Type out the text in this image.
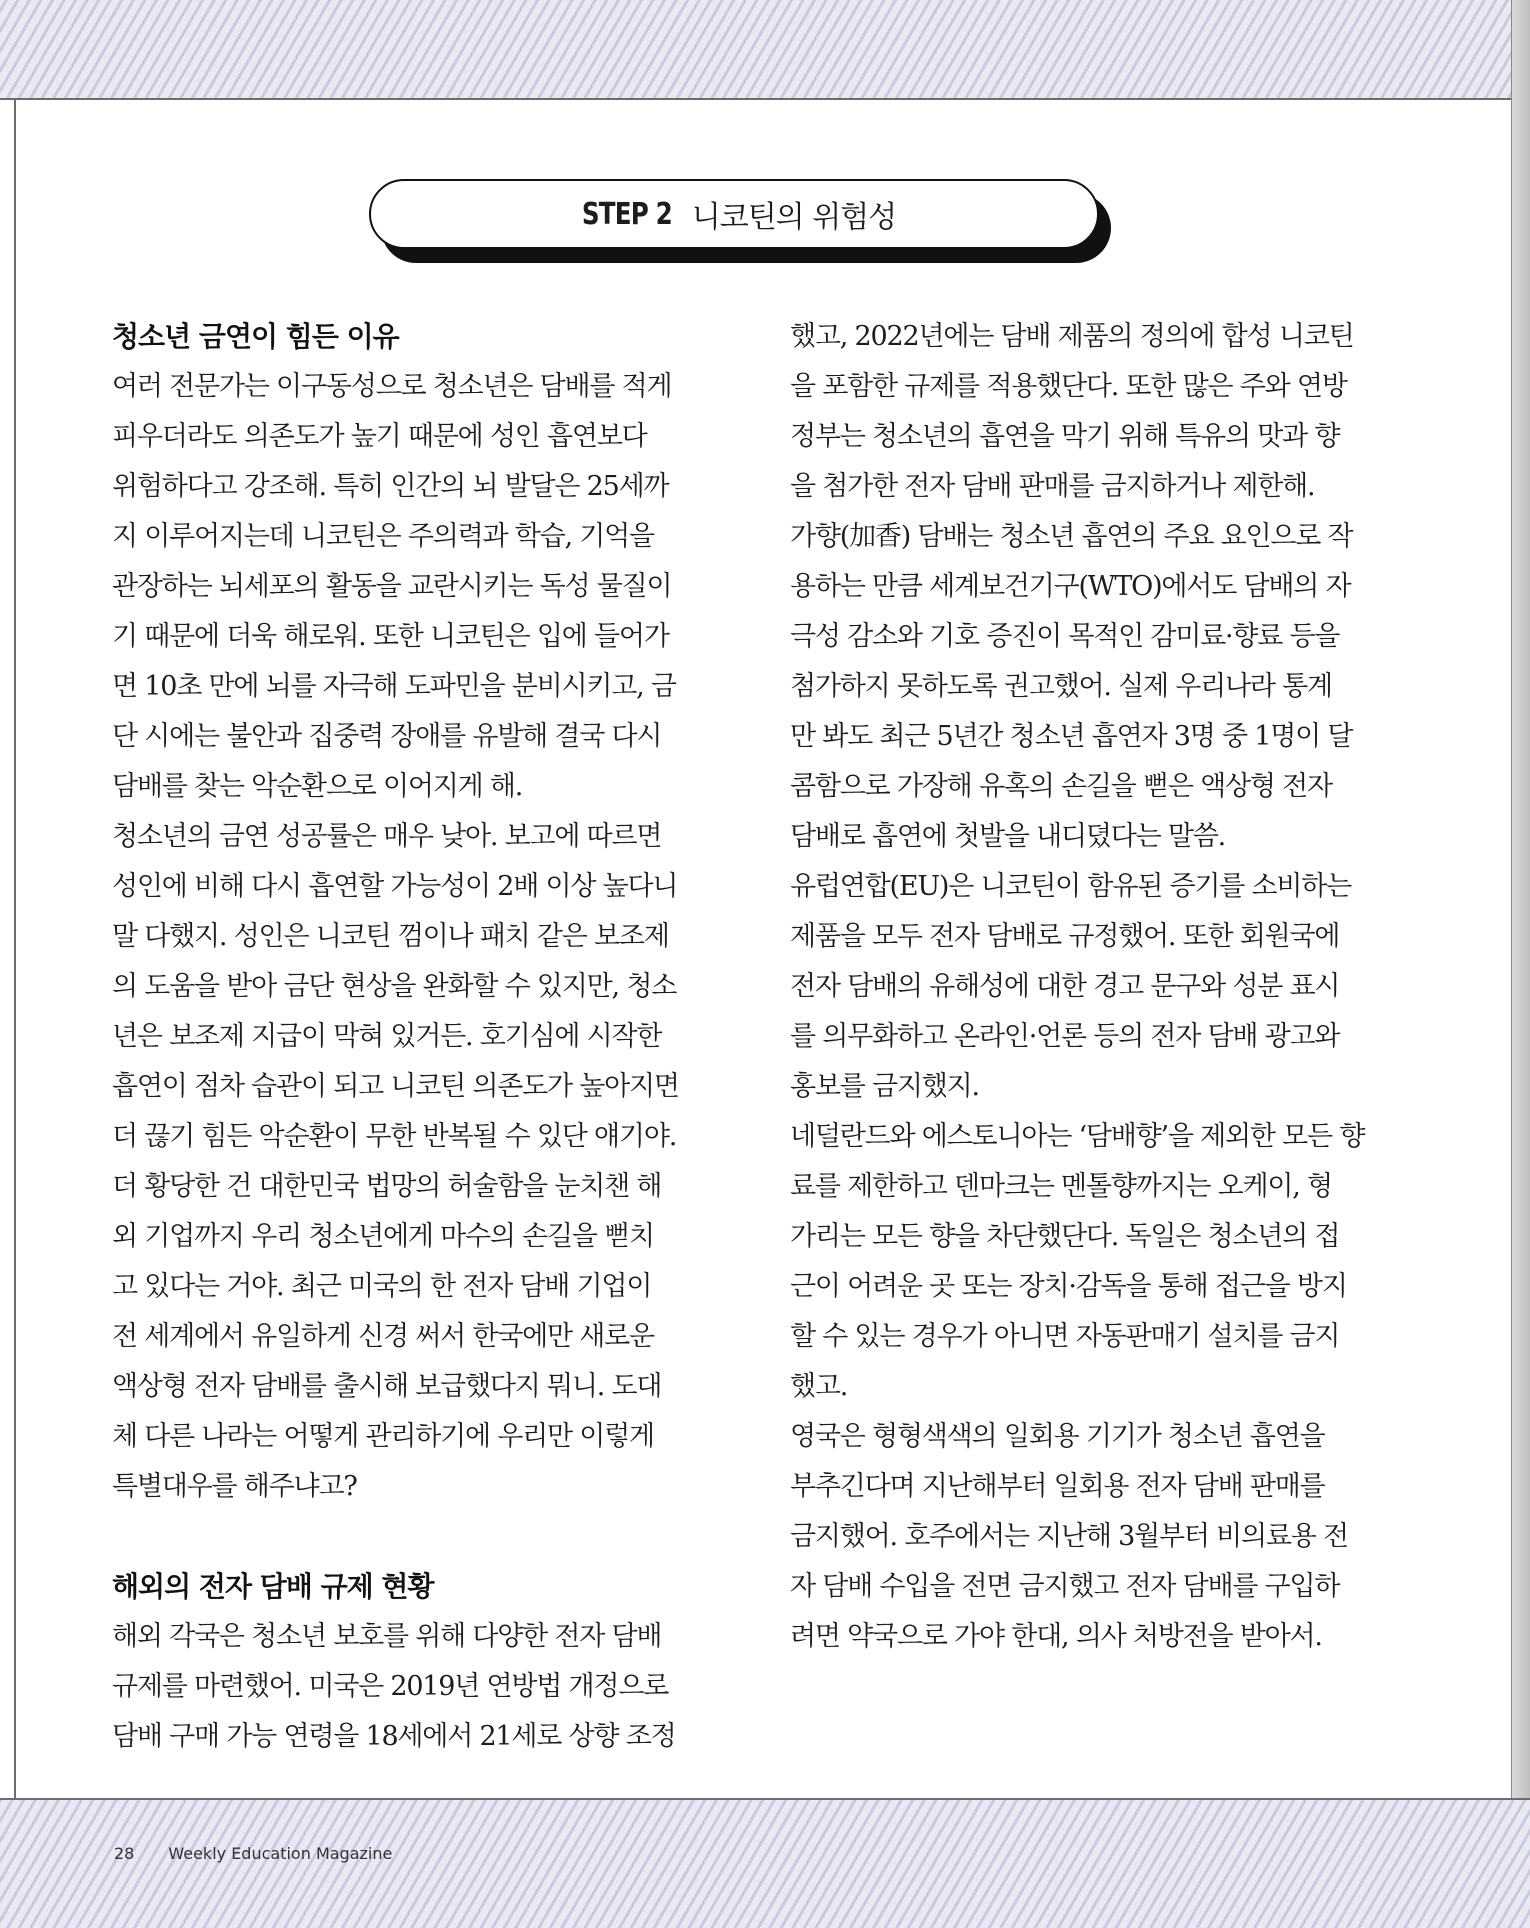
STEP 2 니코틴의 위험성
청소년 금연이 힘든 이유
여러 전문가는 이구동성으로 청소년은 담배를 적게
피우더라도 의존도가 높기 때문에 성인 흡연보다
위험하다고 강조해. 특히 인간의 뇌 발달은 25세까
지 이루어지는데 니코틴은 주의력과 학습, 기억을
관장하는 뇌세포의 활동을 교란시키는 독성 물질이
기 때문에 더욱 해로워. 또한 니코틴은 입에 들어가
면 10초 만에 뇌를 자극해 도파민을 분비시키고, 금
단 시에는 불안과 집중력 장애를 유발해 결국 다시
담배를 찾는 악순환으로 이어지게 해.
청소년의 금연 성공률은 매우 낮아. 보고에 따르면
성인에 비해 다시 흡연할 가능성이 2배 이상 높다니
말 다했지. 성인은 니코틴 껌이나 패치 같은 보조제
의 도움을 받아 금단 현상을 완화할 수 있지만, 청소
년은 보조제 지급이 막혀 있거든. 호기심에 시작한
흡연이 점차 습관이 되고 니코틴 의존도가 높아지면
더 끊기 힘든 악순환이 무한 반복될 수 있단 얘기야.
더 황당한 건 대한민국 법망의 허술함을 눈치챈 해
외 기업까지 우리 청소년에게 마수의 손길을 뻗치
고 있다는 거야. 최근 미국의 한 전자 담배 기업이
전 세계에서 유일하게 신경 써서 한국에만 새로운
액상형 전자 담배를 출시해 보급했다지 뭐니. 도대
체 다른 나라는 어떻게 관리하기에 우리만 이렇게
특별대우를 해주냐고?
해외의 전자 담배 규제 현황
해외 각국은 청소년 보호를 위해 다양한 전자 담배
규제를 마련했어. 미국은 2019년 연방법 개정으로
담배 구매 가능 연령을 18세에서 21세로 상향 조정
했고, 2022년에는 담배 제품의 정의에 합성 니코틴
을 포함한 규제를 적용했단다. 또한 많은 주와 연방
정부는 청소년의 흡연을 막기 위해 특유의 맛과 향
을 첨가한 전자 담배 판매를 금지하거나 제한해.
가향(加香) 담배는 청소년 흡연의 주요 요인으로 작
용하는 만큼 세계보건기구(WTO)에서도 담배의 자
극성 감소와 기호 증진이 목적인 감미료·향료 등을
첨가하지 못하도록 권고했어. 실제 우리나라 통계
만 봐도 최근 5년간 청소년 흡연자 3명 중 1명이 달
콤함으로 가장해 유혹의 손길을 뻗은 액상형 전자
담배로 흡연에 첫발을 내디뎠다는 말씀.
유럽연합(EU)은 니코틴이 함유된 증기를 소비하는
제품을 모두 전자 담배로 규정했어. 또한 회원국에
전자 담배의 유해성에 대한 경고 문구와 성분 표시
를 의무화하고 온라인·언론 등의 전자 담배 광고와
홍보를 금지했지.
네덜란드와 에스토니아는 ‘담배향’을 제외한 모든 향
료를 제한하고 덴마크는 멘톨향까지는 오케이, 형
가리는 모든 향을 차단했단다. 독일은 청소년의 접
근이 어려운 곳 또는 장치·감독을 통해 접근을 방지
할 수 있는 경우가 아니면 자동판매기 설치를 금지
했고.
영국은 형형색색의 일회용 기기가 청소년 흡연을
부추긴다며 지난해부터 일회용 전자 담배 판매를
금지했어. 호주에서는 지난해 3월부터 비의료용 전
자 담배 수입을 전면 금지했고 전자 담배를 구입하
려면 약국으로 가야 한대, 의사 처방전을 받아서.
28 Weekly Education Magazine
